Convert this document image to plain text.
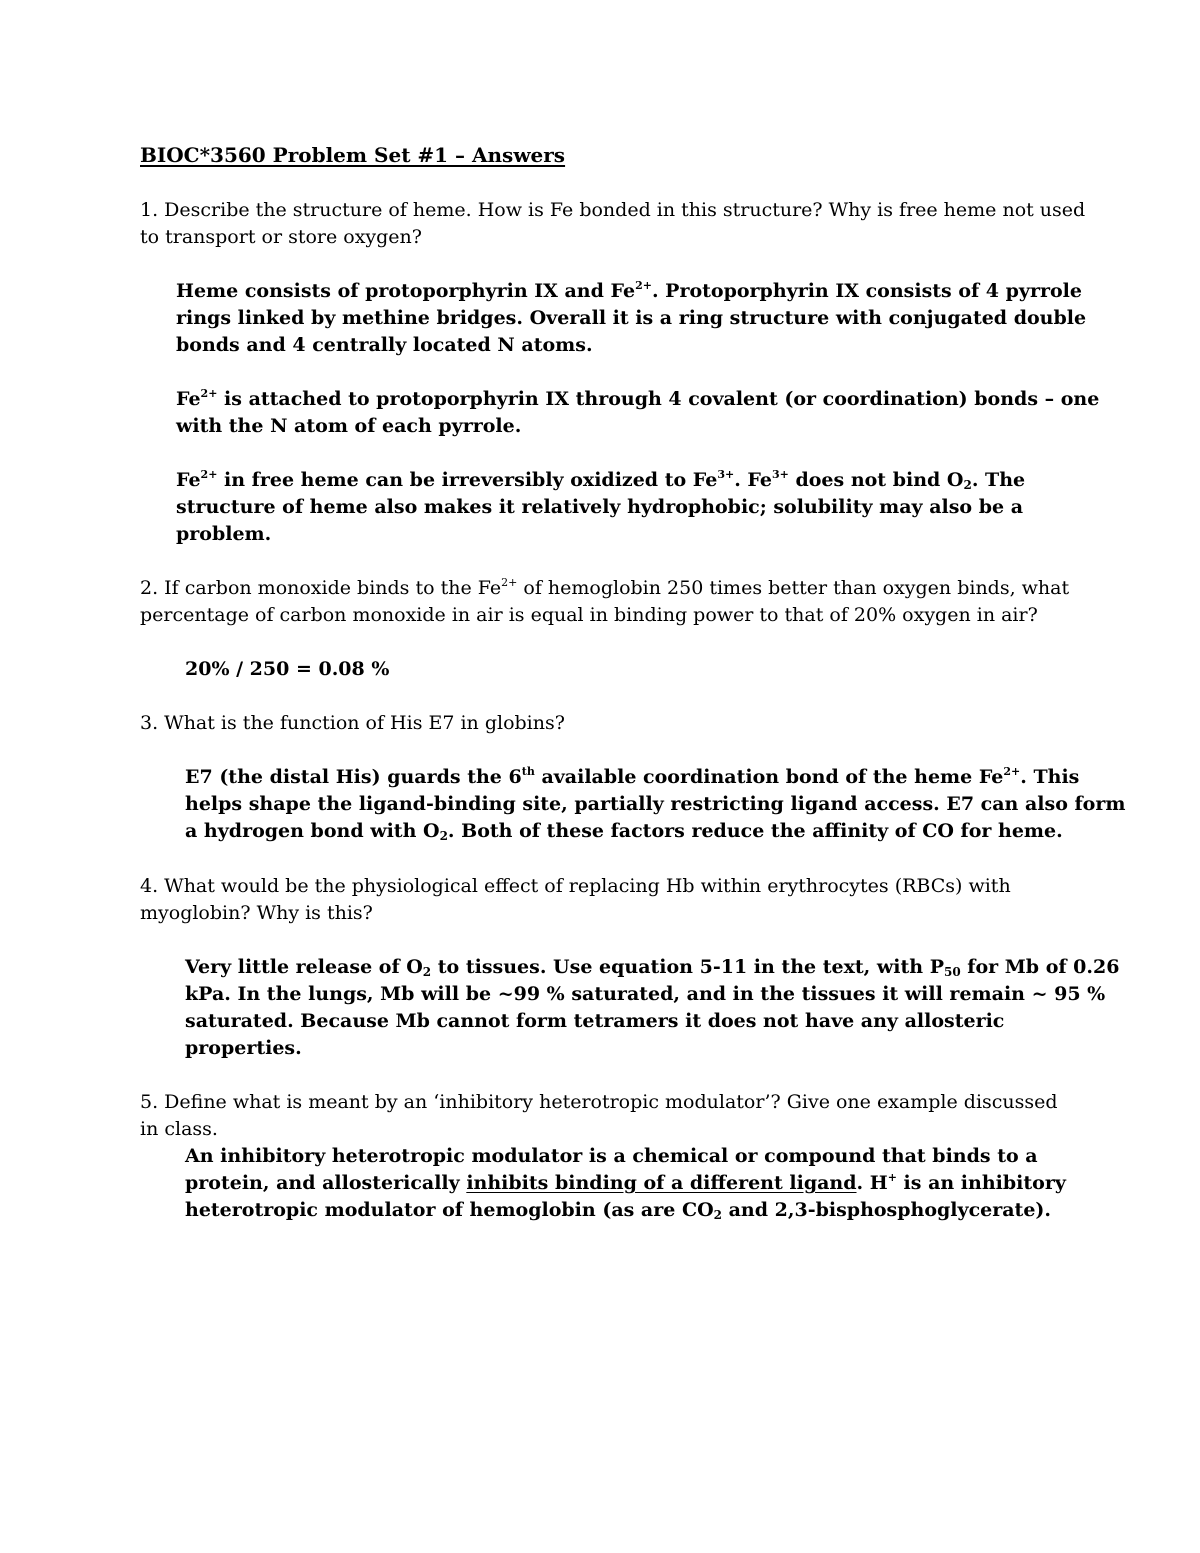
BIOC*3560 Problem Set #1 – Answers
1. Describe the structure of heme. How is Fe bonded in this structure? Why is free heme not used
to transport or store oxygen?
Heme consists of protoporphyrin IX and $Fe^{2+}$. Protoporphyrin IX consists of 4 pyrrole
rings linked by methine bridges. Overall it is a ring structure with conjugated double
bonds and 4 centrally located N atoms.
$Fe^{2+}$ is attached to protoporphyrin IX through 4 covalent (or coordination) bonds – one
with the N atom of each pyrrole.
$Fe^{2+}$ in free heme can be irreversibly oxidized to $Fe^{3+}$. $Fe^{3+}$ does not bind $O_2$. The
structure of heme also makes it relatively hydrophobic; solubility may also be a
problem.
2. If carbon monoxide binds to the $Fe^{2+}$ of hemoglobin 250 times better than oxygen binds, what
percentage of carbon monoxide in air is equal in binding power to that of 20% oxygen in air?
20% / 250 = 0.08 %
3. What is the function of His E7 in globins?
E7 (the distal His) guards the 6th available coordination bond of the heme $Fe^{2+}$. This
helps shape the ligand-binding site, partially restricting ligand access. E7 can also form
a hydrogen bond with $O_2$. Both of these factors reduce the affinity of CO for heme.
4. What would be the physiological effect of replacing Hb within erythrocytes (RBCs) with
myoglobin? Why is this?
Very little release of $O_2$ to tissues. Use equation 5-11 in the text, with $P_{50}$ for Mb of 0.26
kPa. In the lungs, Mb will be ~99 % saturated, and in the tissues it will remain ~ 95 %
saturated. Because Mb cannot form tetramers it does not have any allosteric
properties.
5. Define what is meant by an ‘inhibitory heterotropic modulator’? Give one example discussed
in class.
An inhibitory heterotropic modulator is a chemical or compound that binds to a
protein, and allosterically inhibits binding of a different ligand. H+ is an inhibitory
heterotropic modulator of hemoglobin (as are $CO_2$ and 2,3-bisphosphoglycerate).
